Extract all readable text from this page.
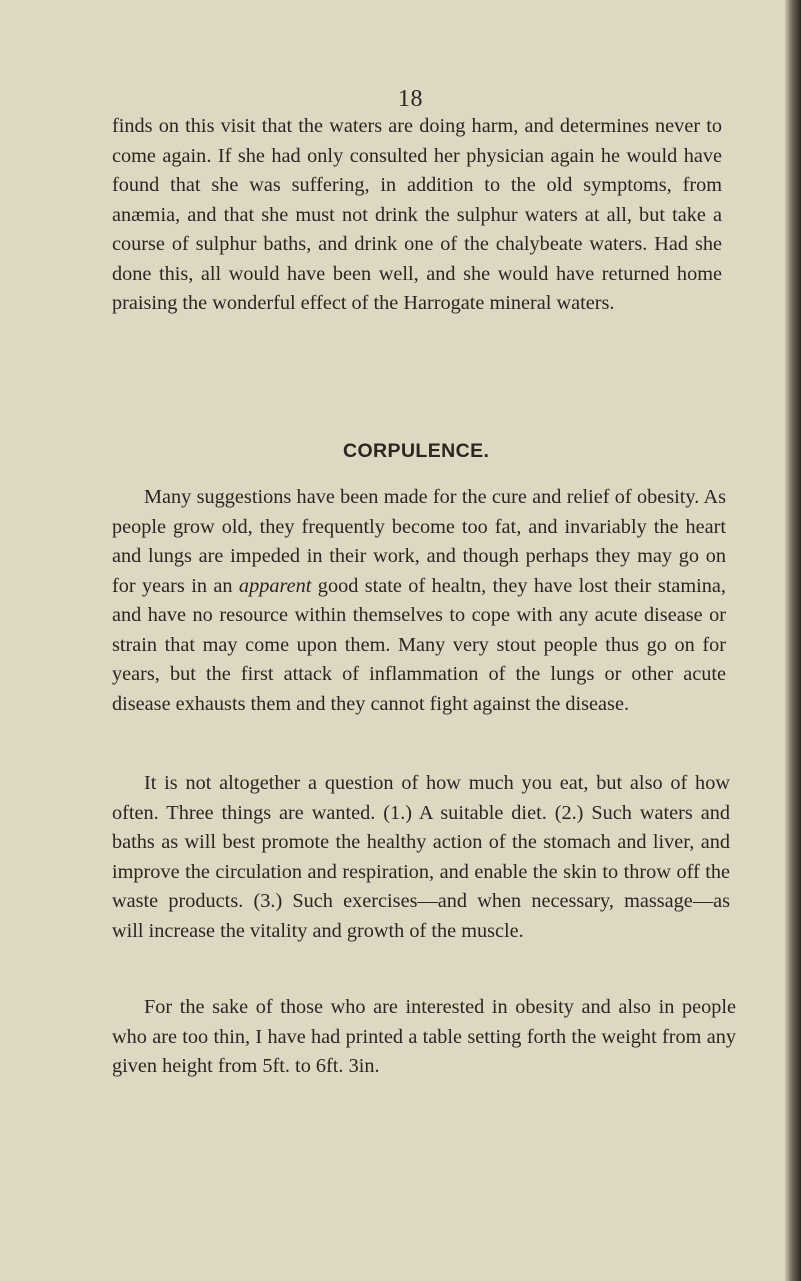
18

finds on this visit that the waters are doing harm, and determines never to come again. If she had only consulted her physician again he would have found that she was suffering, in addition to the old symptoms, from anæmia, and that she must not drink the sulphur waters at all, but take a course of sulphur baths, and drink one of the chalybeate waters. Had she done this, all would have been well, and she would have returned home praising the wonderful effect of the Harrogate mineral waters.

CORPULENCE.

Many suggestions have been made for the cure and relief of obesity. As people grow old, they frequently become too fat, and invariably the heart and lungs are impeded in their work, and though perhaps they may go on for years in an apparent good state of healtn, they have lost their stamina, and have no resource within themselves to cope with any acute disease or strain that may come upon them. Many very stout people thus go on for years, but the first attack of inflammation of the lungs or other acute disease exhausts them and they cannot fight against the disease.

It is not altogether a question of how much you eat, but also of how often. Three things are wanted. (1.) A suitable diet. (2.) Such waters and baths as will best promote the healthy action of the stomach and liver, and improve the circulation and respiration, and enable the skin to throw off the waste products. (3.) Such exercises—and when necessary, massage—as will increase the vitality and growth of the muscle.

For the sake of those who are interested in obesity and also in people who are too thin, I have had printed a table setting forth the weight from any given height from 5ft. to 6ft. 3in.
